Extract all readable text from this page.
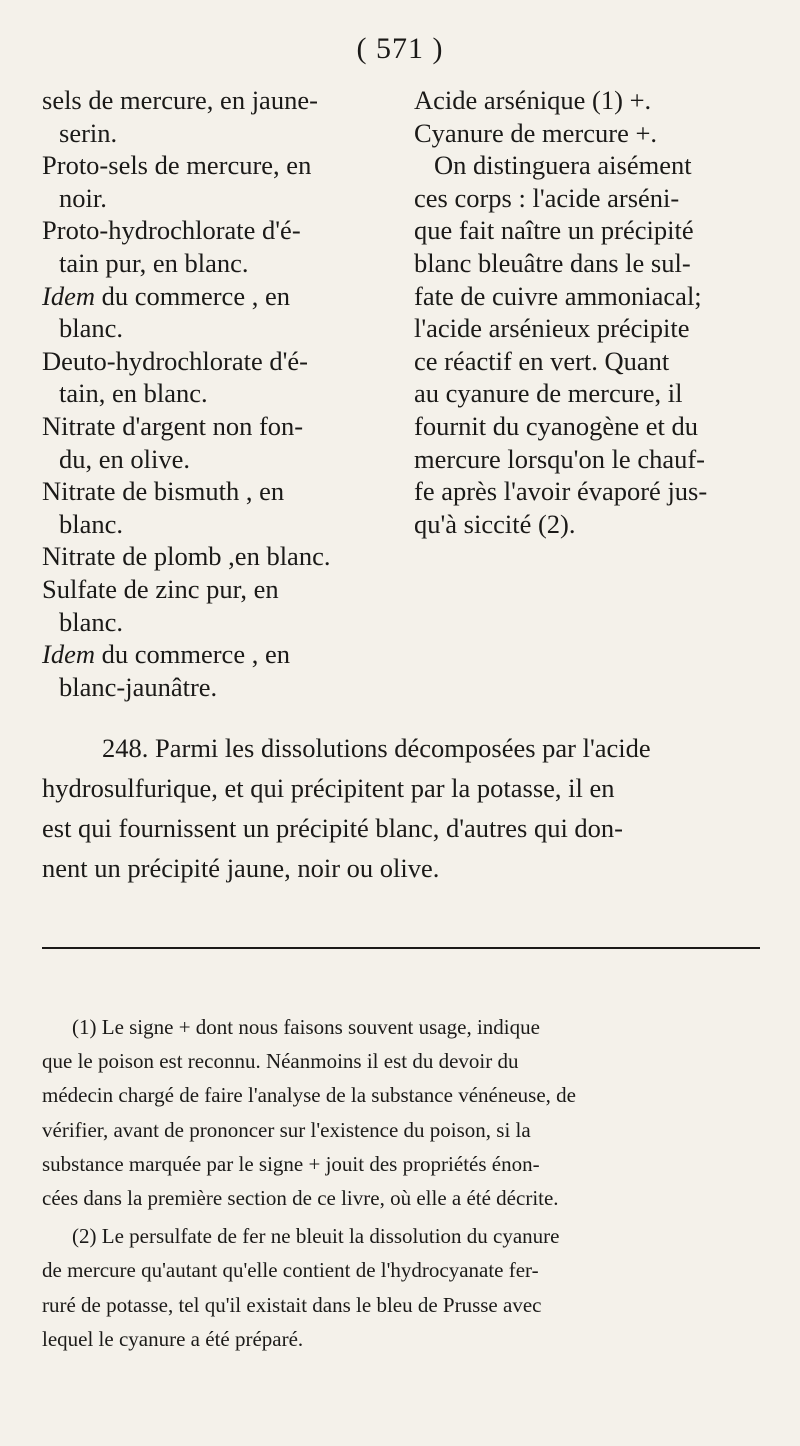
( 571 )
sels de mercure, en jaune-
serin.
Proto-sels de mercure, en
noir.
Proto-hydrochlorate d'é-
tain pur, en blanc.
Idem du commerce , en
blanc.
Deuto-hydrochlorate d'é-
tain, en blanc.
Nitrate d'argent non fon-
du, en olive.
Nitrate de bismuth , en
blanc.
Nitrate de plomb ,en blanc.
Sulfate de zinc pur, en
blanc.
Idem du commerce , en
blanc-jaunâtre.
Acide arsénique (1) +.
Cyanure de mercure +.
On distinguera aisément
ces corps : l'acide arséni-
que fait naître un précipité
blanc bleuâtre dans le sul-
fate de cuivre ammoniacal;
l'acide arsénieux précipite
ce réactif en vert. Quant
au cyanure de mercure, il
fournit du cyanogène et du
mercure lorsqu'on le chauf-
fe après l'avoir évaporé jus-
qu'à siccité (2).
248. Parmi les dissolutions décomposées par l'acide
hydrosulfurique, et qui précipitent par la potasse, il en
est qui fournissent un précipité blanc, d'autres qui don-
nent un précipité jaune, noir ou olive.
(1) Le signe + dont nous faisons souvent usage, indique
que le poison est reconnu. Néanmoins il est du devoir du
médecin chargé de faire l'analyse de la substance vénéneuse, de
vérifier, avant de prononcer sur l'existence du poison, si la
substance marquée par le signe + jouit des propriétés énon-
cées dans la première section de ce livre, où elle a été décrite.
(2) Le persulfate de fer ne bleuit la dissolution du cyanure
de mercure qu'autant qu'elle contient de l'hydrocyanate fer-
ruré de potasse, tel qu'il existait dans le bleu de Prusse avec
lequel le cyanure a été préparé.
